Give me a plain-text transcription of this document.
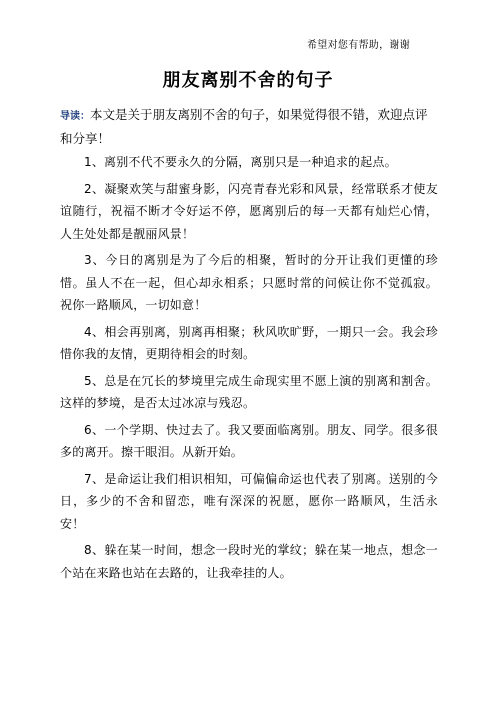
希望对您有帮助，谢谢
朋友离别不舍的句子
导读：本文是关于朋友离别不舍的句子，如果觉得很不错，欢迎点评和分享！

1、离别不代不要永久的分隔，离别只是一种追求的起点。

2、凝聚欢笑与甜蜜身影，闪亮青春光彩和风景，经常联系才使友谊随行，祝福不断才令好运不停，愿离别后的每一天都有灿烂心情，人生处处都是靓丽风景！

3、今日的离别是为了今后的相聚，暂时的分开让我们更懂的珍惜。虽人不在一起，但心却永相系；只愿时常的问候让你不觉孤寂。祝你一路顺风，一切如意！

4、相会再别离，别离再相聚；秋风吹旷野，一期只一会。我会珍惜你我的友情，更期待相会的时刻。

5、总是在冗长的梦境里完成生命现实里不愿上演的别离和割舍。这样的梦境，是否太过冰凉与残忍。

6、一个学期、快过去了。我又要面临离别。朋友、同学。很多很多的离开。擦干眼泪。从新开始。

7、是命运让我们相识相知，可偏偏命运也代表了别离。送别的今日，多少的不舍和留恋，唯有深深的祝愿，愿你一路顺风，生活永安！

8、躲在某一时间，想念一段时光的掌纹；躲在某一地点，想念一个站在来路也站在去路的，让我牵挂的人。
